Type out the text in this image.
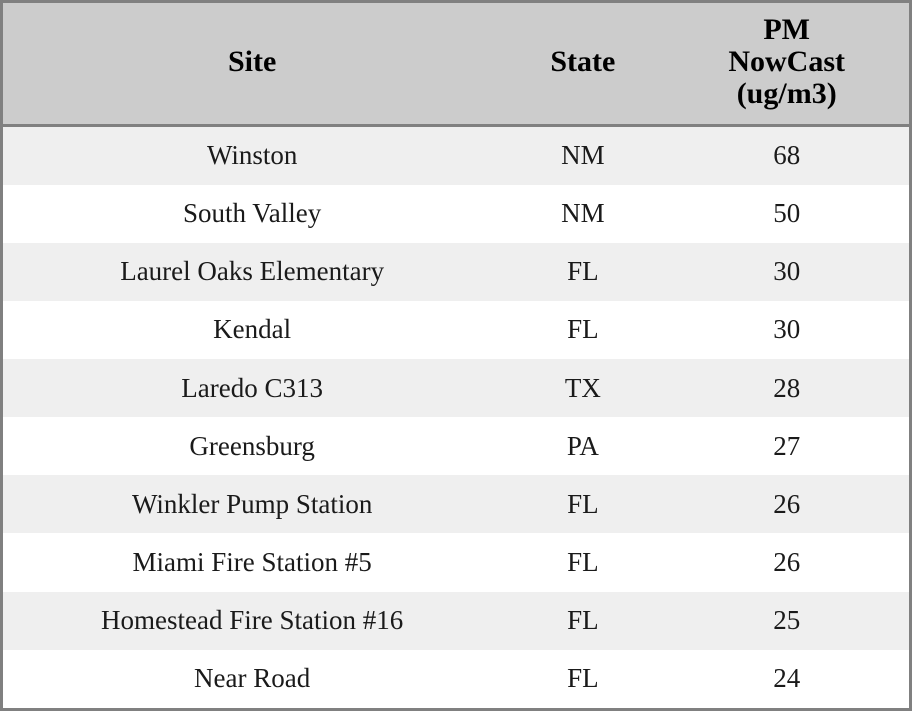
Site	State	PM
NowCast
(ug/m3)
Winston	NM	68
South Valley	NM	50
Laurel Oaks Elementary	FL	30
Kendal	FL	30
Laredo C313	TX	28
Greensburg	PA	27
Winkler Pump Station	FL	26
Miami Fire Station #5	FL	26
Homestead Fire Station #16	FL	25
Near Road	FL	24
